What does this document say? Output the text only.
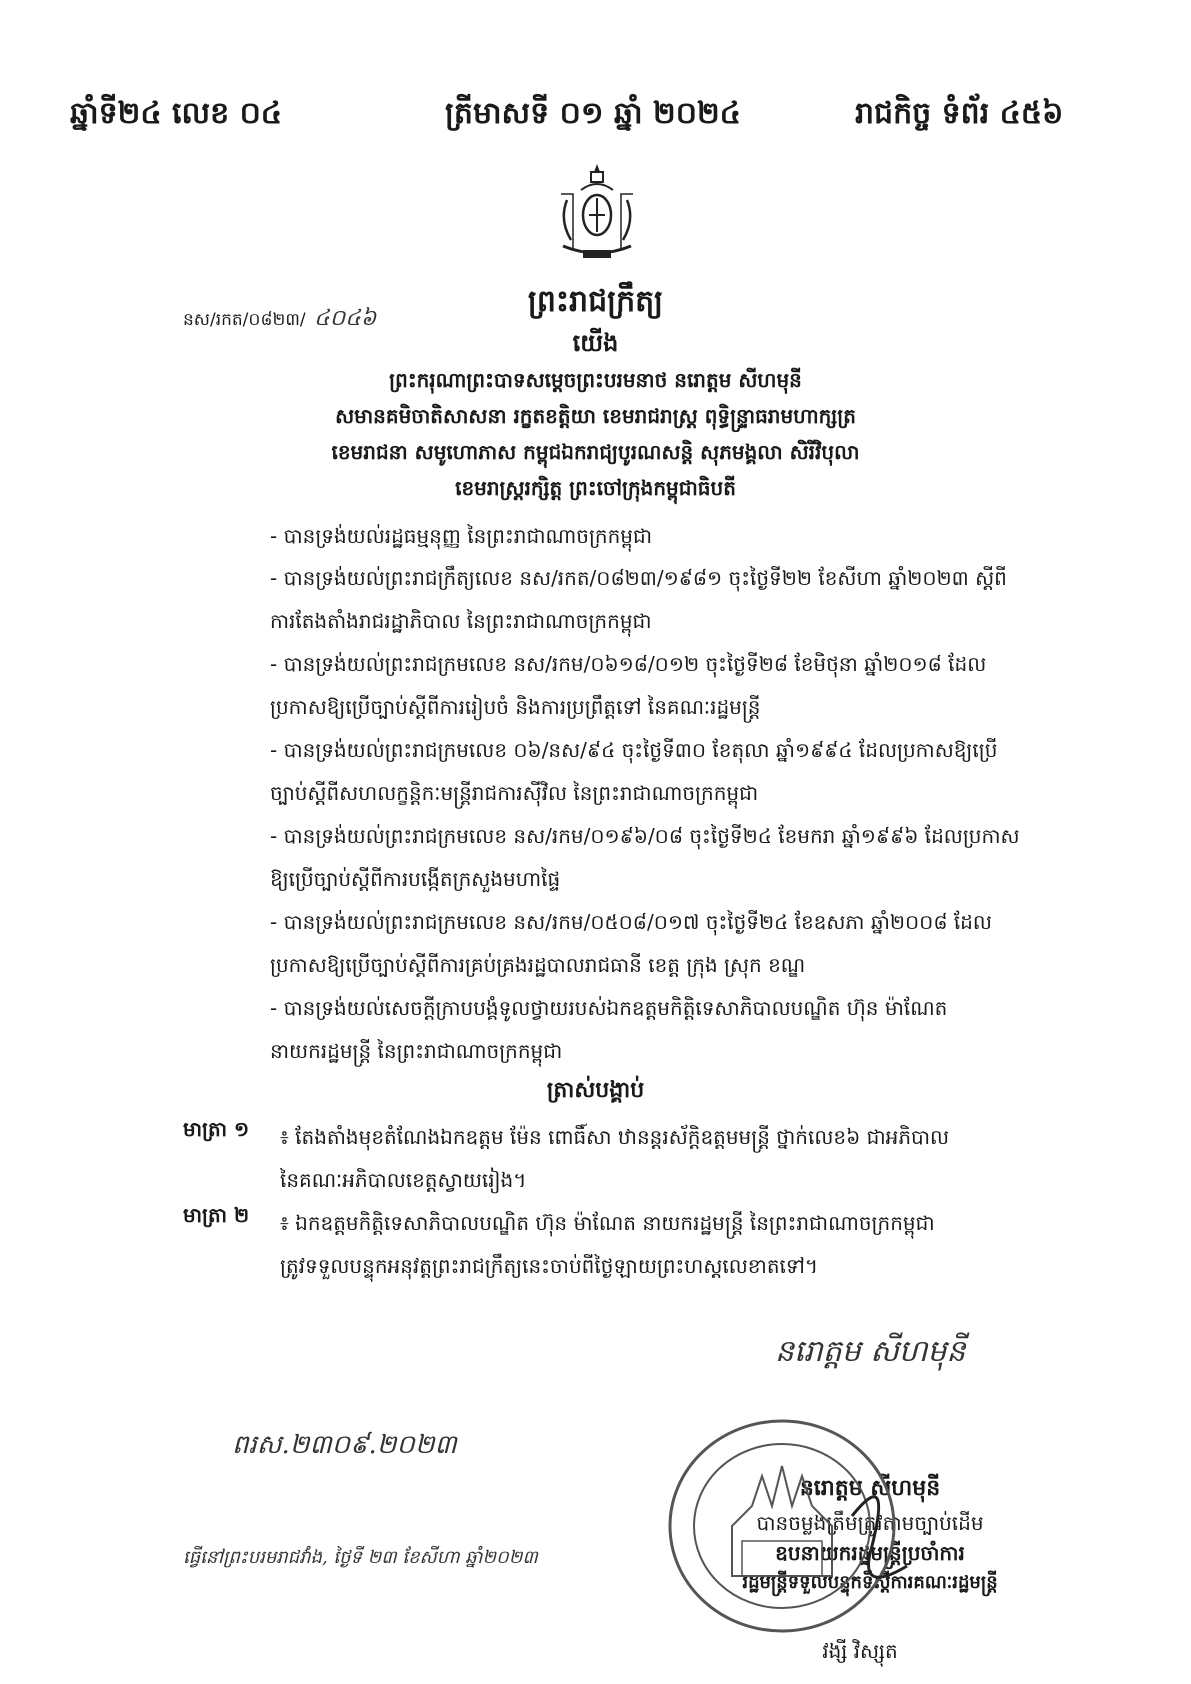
ឆ្នាំទី២៤ លេខ ០៤	ត្រីមាសទី ០១ ឆ្នាំ ២០២៤	រាជកិច្ច ទំព័រ ៤៥៦
ព្រះរាជក្រឹត្យ
នស/រកត/០៨២៣/ ៤០៤៦
យើង
ព្រះករុណាព្រះបាទសម្តេចព្រះបរមនាថ នរោត្តម សីហមុនី
សមានគមិចាតិសាសនា រក្ខតខត្តិយា ខេមរាជរាស្ត្រ ពុទ្ធិន្ទ្រាធរាមហាក្សត្រ
ខេមរាជនា សមូហោភាស កម្ពុជឯករាជ្យបូរណសន្តិ សុភមង្គលា សិរីវិបុលា
ខេមរាស្ត្ររក្សិត្ត ព្រះចៅក្រុងកម្ពុជាធិបតី

- បានទ្រង់យល់រដ្ឋធម្មនុញ្ញ នៃព្រះរាជាណាចក្រកម្ពុជា

- បានទ្រង់យល់ព្រះរាជក្រឹត្យលេខ នស/រកត/០៨២៣/១៩៨១ ចុះថ្ងៃទី២២ ខែសីហា ឆ្នាំ២០២៣ ស្តីពី

ការតែងតាំងរាជរដ្ឋាភិបាល នៃព្រះរាជាណាចក្រកម្ពុជា

- បានទ្រង់យល់ព្រះរាជក្រមលេខ នស/រកម/០៦១៨/០១២ ចុះថ្ងៃទី២៨ ខែមិថុនា ឆ្នាំ២០១៨ ដែល

ប្រកាសឱ្យប្រើច្បាប់ស្តីពីការរៀបចំ និងការប្រព្រឹត្តទៅ នៃគណៈរដ្ឋមន្ត្រី

- បានទ្រង់យល់ព្រះរាជក្រមលេខ ០៦/នស/៩៤ ចុះថ្ងៃទី៣០ ខែតុលា ឆ្នាំ១៩៩៤ ដែលប្រកាសឱ្យប្រើ

ច្បាប់ស្តីពីសហលក្ខន្តិកៈមន្ត្រីរាជការស៊ីវិល នៃព្រះរាជាណាចក្រកម្ពុជា

- បានទ្រង់យល់ព្រះរាជក្រមលេខ នស/រកម/០១៩៦/០៨ ចុះថ្ងៃទី២៤ ខែមករា ឆ្នាំ១៩៩៦ ដែលប្រកាស

ឱ្យប្រើច្បាប់ស្តីពីការបង្កើតក្រសួងមហាផ្ទៃ

- បានទ្រង់យល់ព្រះរាជក្រមលេខ នស/រកម/០៥០៨/០១៧ ចុះថ្ងៃទី២៤ ខែឧសភា ឆ្នាំ២០០៨ ដែល

ប្រកាសឱ្យប្រើច្បាប់ស្តីពីការគ្រប់គ្រងរដ្ឋបាលរាជធានី ខេត្ត ក្រុង ស្រុក ខណ្ឌ

- បានទ្រង់យល់សេចក្តីក្រាបបង្គំទូលថ្វាយរបស់ឯកឧត្តមកិត្តិទេសាភិបាលបណ្ឌិត ហ៊ុន ម៉ាណែត

នាយករដ្ឋមន្ត្រី នៃព្រះរាជាណាចក្រកម្ពុជា

ត្រាស់បង្គាប់
មាត្រា ១ ៖ តែងតាំងមុខតំណែងឯកឧត្តម ម៉ែន ពោធិ៍សា ឋានន្តរស័ក្តិឧត្តមមន្ត្រី ថ្នាក់លេខ៦ ជាអភិបាល

នៃគណៈអភិបាលខេត្តស្វាយរៀង។

មាត្រា ២ ៖ ឯកឧត្តមកិត្តិទេសាភិបាលបណ្ឌិត ហ៊ុន ម៉ាណែត នាយករដ្ឋមន្ត្រី នៃព្រះរាជាណាចក្រកម្ពុជា

ត្រូវទទួលបន្ទុកអនុវត្តព្រះរាជក្រឹត្យនេះចាប់ពីថ្ងៃឡាយព្រះហស្តលេខាតទៅ។

នរោត្តម សីហមុនី
ពរស.២៣០៩.២០២៣
ធ្វើនៅព្រះបរមរាជវាំង, ថ្ងៃទី ២៣ ខែសីហា ឆ្នាំ២០២៣
នរោត្តម សីហមុនី
បានចម្លងត្រឹមត្រូវតាមច្បាប់ដើម
ឧបនាយករដ្ឋមន្ត្រីប្រចាំការ
រដ្ឋមន្ត្រីទទួលបន្ទុកទីស្តីការគណៈរដ្ឋមន្ត្រី
វង្សី វិស្សុត
